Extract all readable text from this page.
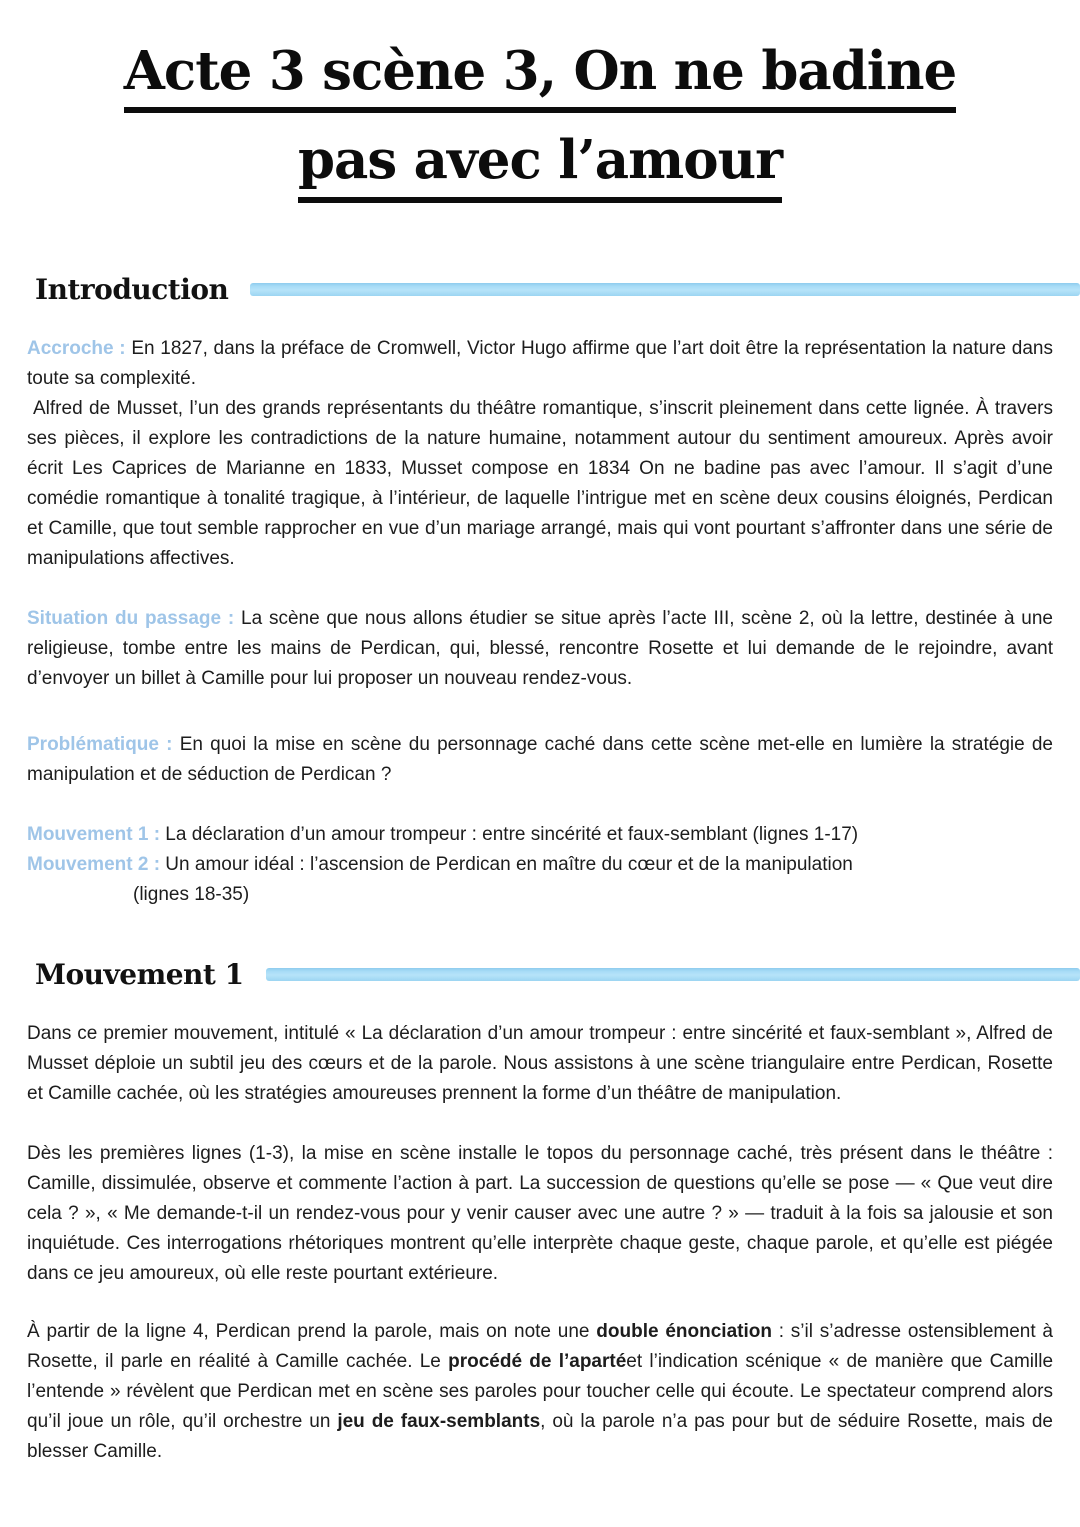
Acte 3 scène 3, On ne badine
pas avec l’amour
Introduction

Accroche : En 1827, dans la préface de Cromwell, Victor Hugo affirme que l’art doit être la représentation la nature dans toute sa complexité.

Alfred de Musset, l’un des grands représentants du théâtre romantique, s’inscrit pleinement dans cette lignée. À travers ses pièces, il explore les contradictions de la nature humaine, notamment autour du sentiment amoureux. Après avoir écrit Les Caprices de Marianne en 1833, Musset compose en 1834 On ne badine pas avec l’amour. Il s’agit d’une comédie romantique à tonalité tragique, à l’intérieur, de laquelle l’intrigue met en scène deux cousins éloignés, Perdican et Camille, que tout semble rapprocher en vue d’un mariage arrangé, mais qui vont pourtant s’affronter dans une série de manipulations affectives.

Situation du passage : La scène que nous allons étudier se situe après l’acte III, scène 2, où la lettre, destinée à une religieuse, tombe entre les mains de Perdican, qui, blessé, rencontre Rosette et lui demande de le rejoindre, avant d’envoyer un billet à Camille pour lui proposer un nouveau rendez-vous.

Problématique : En quoi la mise en scène du personnage caché dans cette scène met-elle en lumière la stratégie de manipulation et de séduction de Perdican ?

Mouvement 1 : La déclaration d’un amour trompeur : entre sincérité et faux-semblant (lignes 1-17)
Mouvement 2 : Un amour idéal : l’ascension de Perdican en maître du cœur et de la manipulation
(lignes 18-35)
Mouvement 1

Dans ce premier mouvement, intitulé « La déclaration d’un amour trompeur : entre sincérité et faux-semblant », Alfred de Musset déploie un subtil jeu des cœurs et de la parole. Nous assistons à une scène triangulaire entre Perdican, Rosette et Camille cachée, où les stratégies amoureuses prennent la forme d’un théâtre de manipulation.

Dès les premières lignes (1-3), la mise en scène installe le topos du personnage caché, très présent dans le théâtre : Camille, dissimulée, observe et commente l’action à part. La succession de questions qu’elle se pose — « Que veut dire cela ? », « Me demande-t-il un rendez-vous pour y venir causer avec une autre ? » — traduit à la fois sa jalousie et son inquiétude. Ces interrogations rhétoriques montrent qu’elle interprète chaque geste, chaque parole, et qu’elle est piégée dans ce jeu amoureux, où elle reste pourtant extérieure.

À partir de la ligne 4, Perdican prend la parole, mais on note une double énonciation : s’il s’adresse ostensiblement à Rosette, il parle en réalité à Camille cachée. Le procédé de l’apartéet l’indication scénique « de manière que Camille l’entende » révèlent que Perdican met en scène ses paroles pour toucher celle qui écoute. Le spectateur comprend alors qu’il joue un rôle, qu’il orchestre un jeu de faux-semblants, où la parole n’a pas pour but de séduire Rosette, mais de blesser Camille.
